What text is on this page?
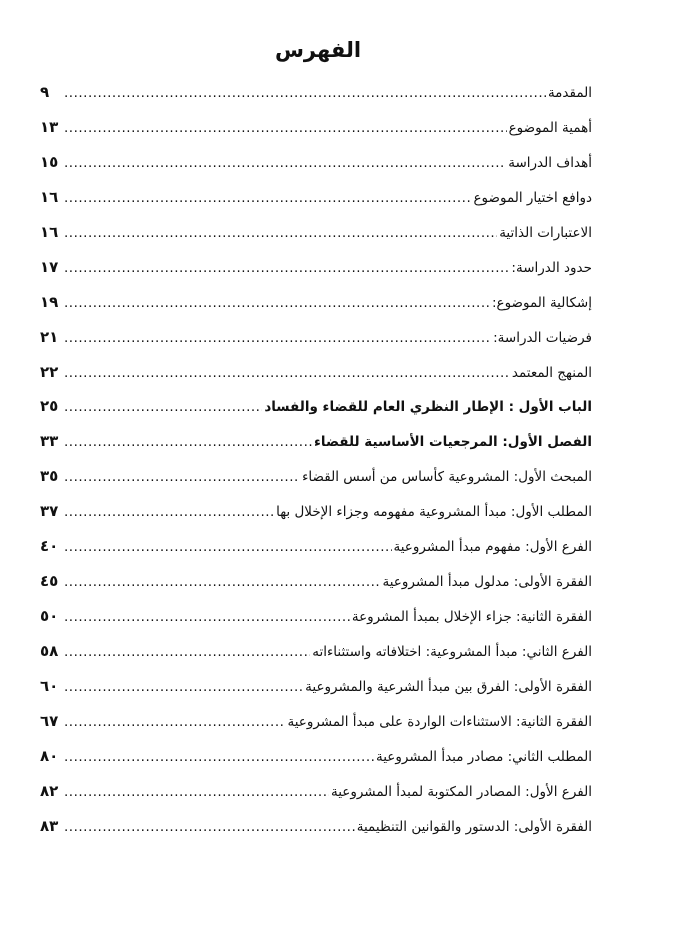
الفهرس
المقدمة
.....
٩
أهمية الموضوع
.....
١٣
أهداف الدراسة
.....
١٥
دوافع اختيار الموضوع
.....
١٦
الاعتبارات الذاتية
.....
١٦
حدود الدراسة:
.....
١٧
إشكالية الموضوع:
.....
١٩
فرضيات الدراسة:
.....
٢١
المنهج المعتمد
.....
٢٢
الباب الأول : الإطار النظري العام للقضاء والفساد
.....
٢٥
الفصل الأول: المرجعيات الأساسية للقضاء
.....
٣٣
المبحث الأول: المشروعية كأساس من أسس القضاء
.....
٣٥
المطلب الأول: مبدأ المشروعية مفهومه وجزاء الإخلال بها
.....
٣٧
الفرع الأول: مفهوم مبدأ المشروعية
.....
٤٠
الفقرة الأولى: مدلول مبدأ المشروعية
.....
٤٥
الفقرة الثانية: جزاء الإخلال بمبدأ المشروعة
.....
٥٠
الفرع الثاني: مبدأ المشروعية: اختلافاته واستثناءاته
.....
٥٨
الفقرة الأولى: الفرق بين مبدأ الشرعية والمشروعية
.....
٦٠
الفقرة الثانية: الاستثناءات الواردة على مبدأ المشروعية
.....
٦٧
المطلب الثاني: مصادر مبدأ المشروعية
.....
٨٠
الفرع الأول: المصادر المكتوبة لمبدأ المشروعية
.....
٨٢
الفقرة الأولى: الدستور والقوانين التنظيمية
.....
٨٣
